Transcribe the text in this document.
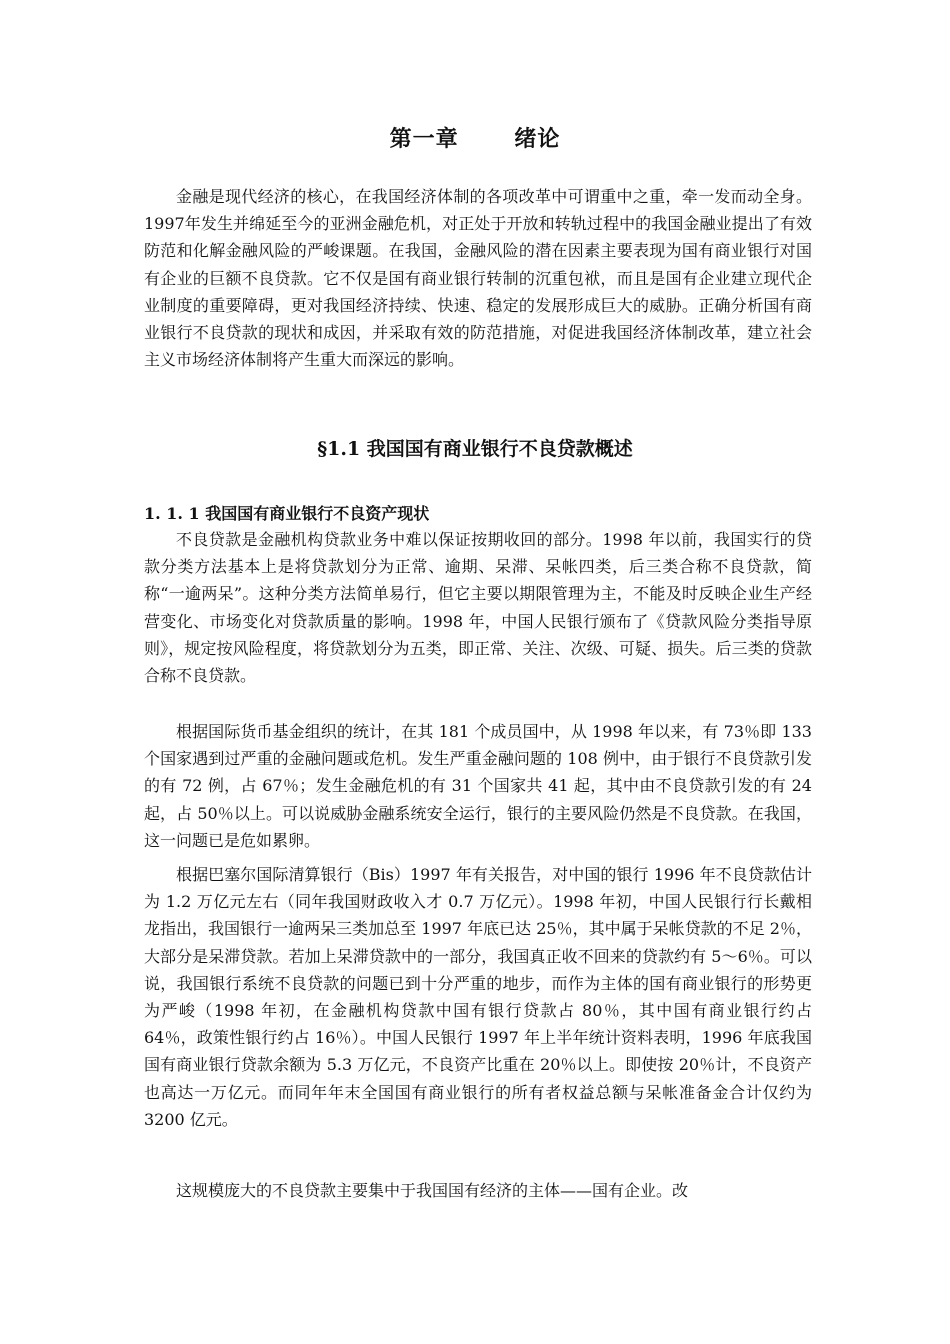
第一章　 绪论

金融是现代经济的核心，在我国经济体制的各项改革中可谓重中之重，牵一发而动全身。1997年发生并绵延至今的亚洲金融危机，对正处于开放和转轨过程中的我国金融业提出了有效防范和化解金融风险的严峻课题。在我国，金融风险的潜在因素主要表现为国有商业银行对国有企业的巨额不良贷款。它不仅是国有商业银行转制的沉重包袱，而且是国有企业建立现代企业制度的重要障碍，更对我国经济持续、快速、稳定的发展形成巨大的威胁。正确分析国有商业银行不良贷款的现状和成因，并采取有效的防范措施，对促进我国经济体制改革，建立社会主义市场经济体制将产生重大而深远的影响。

§1.1 我国国有商业银行不良贷款概述
1. 1. 1 我国国有商业银行不良资产现状

不良贷款是金融机构贷款业务中难以保证按期收回的部分。1998 年以前，我国实行的贷款分类方法基本上是将贷款划分为正常、逾期、呆滞、呆帐四类，后三类合称不良贷款，简称“一逾两呆”。这种分类方法简单易行，但它主要以期限管理为主，不能及时反映企业生产经营变化、市场变化对贷款质量的影响。1998 年，中国人民银行颁布了《贷款风险分类指导原则》，规定按风险程度，将贷款划分为五类，即正常、关注、次级、可疑、损失。后三类的贷款合称不良贷款。

根据国际货币基金组织的统计，在其 181 个成员国中，从 1998 年以来，有 73％即 133 个国家遇到过严重的金融问题或危机。发生严重金融问题的 108 例中，由于银行不良贷款引发的有 72 例，占 67％；发生金融危机的有 31 个国家共 41 起，其中由不良贷款引发的有 24 起，占 50％以上。可以说威胁金融系统安全运行，银行的主要风险仍然是不良贷款。在我国，这一问题已是危如累卵。

根据巴塞尔国际清算银行（Bis）1997 年有关报告，对中国的银行 1996 年不良贷款估计为 1.2 万亿元左右（同年我国财政收入才 0.7 万亿元）。1998 年初，中国人民银行行长戴相龙指出，我国银行一逾两呆三类加总至 1997 年底已达 25％，其中属于呆帐贷款的不足 2％，大部分是呆滞贷款。若加上呆滞贷款中的一部分，我国真正收不回来的贷款约有 5～6％。可以说，我国银行系统不良贷款的问题已到十分严重的地步，而作为主体的国有商业银行的形势更为严峻（1998 年初，在金融机构贷款中国有银行贷款占 80％，其中国有商业银行约占 64％，政策性银行约占 16％）。中国人民银行 1997 年上半年统计资料表明，1996 年底我国国有商业银行贷款余额为 5.3 万亿元，不良资产比重在 20％以上。即使按 20％计，不良资产也高达一万亿元。而同年年末全国国有商业银行的所有者权益总额与呆帐准备金合计仅约为 3200 亿元。

这规模庞大的不良贷款主要集中于我国国有经济的主体——国有企业。改
